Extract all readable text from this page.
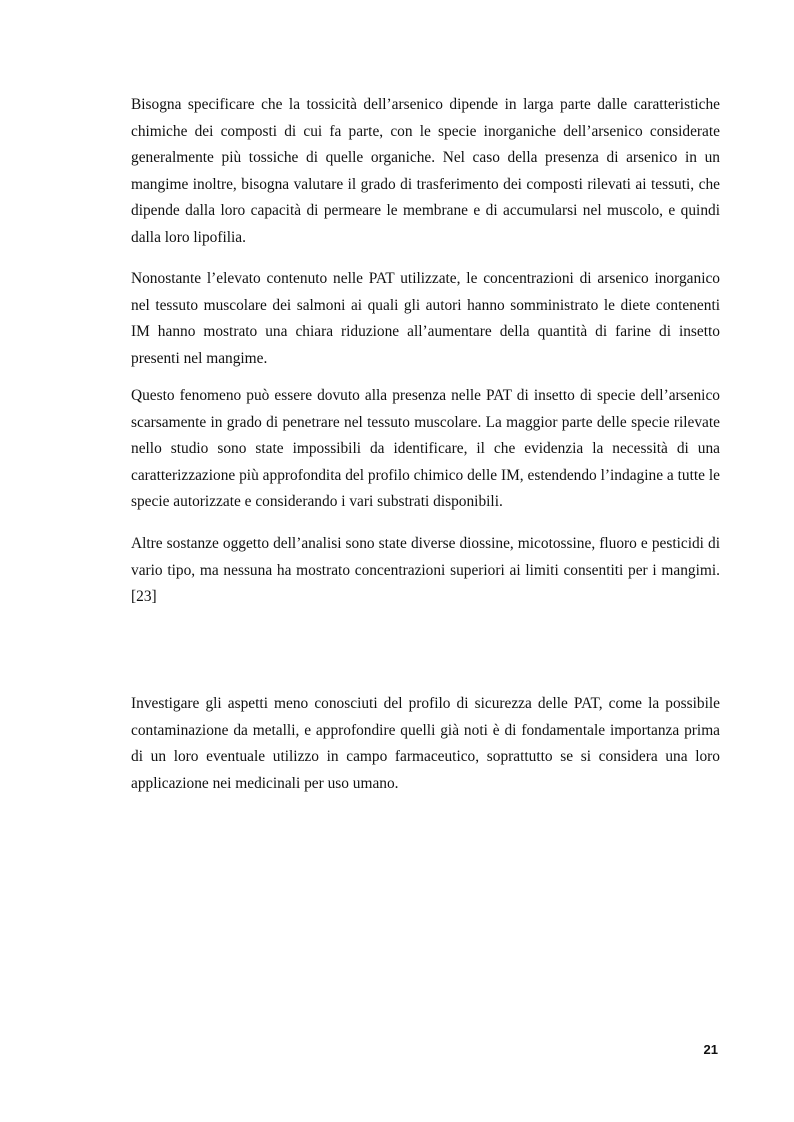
Bisogna specificare che la tossicità dell’arsenico dipende in larga parte dalle caratteristiche chimiche dei composti di cui fa parte, con le specie inorganiche dell’arsenico considerate generalmente più tossiche di quelle organiche. Nel caso della presenza di arsenico in un mangime inoltre, bisogna valutare il grado di trasferimento dei composti rilevati ai tessuti, che dipende dalla loro capacità di permeare le membrane e di accumularsi nel muscolo, e quindi dalla loro lipofilia.

Nonostante l’elevato contenuto nelle PAT utilizzate, le concentrazioni di arsenico inorganico nel tessuto muscolare dei salmoni ai quali gli autori hanno somministrato le diete contenenti IM hanno mostrato una chiara riduzione all’aumentare della quantità di farine di insetto presenti nel mangime.

Questo fenomeno può essere dovuto alla presenza nelle PAT di insetto di specie dell’arsenico scarsamente in grado di penetrare nel tessuto muscolare. La maggior parte delle specie rilevate nello studio sono state impossibili da identificare, il che evidenzia la necessità di una caratterizzazione più approfondita del profilo chimico delle IM, estendendo l’indagine a tutte le specie autorizzate e considerando i vari substrati disponibili.

Altre sostanze oggetto dell’analisi sono state diverse diossine, micotossine, fluoro e pesticidi di vario tipo, ma nessuna ha mostrato concentrazioni superiori ai limiti consentiti per i mangimi. [23]

Investigare gli aspetti meno conosciuti del profilo di sicurezza delle PAT, come la possibile contaminazione da metalli, e approfondire quelli già noti è di fondamentale importanza prima di un loro eventuale utilizzo in campo farmaceutico, soprattutto se si considera una loro applicazione nei medicinali per uso umano.

21
